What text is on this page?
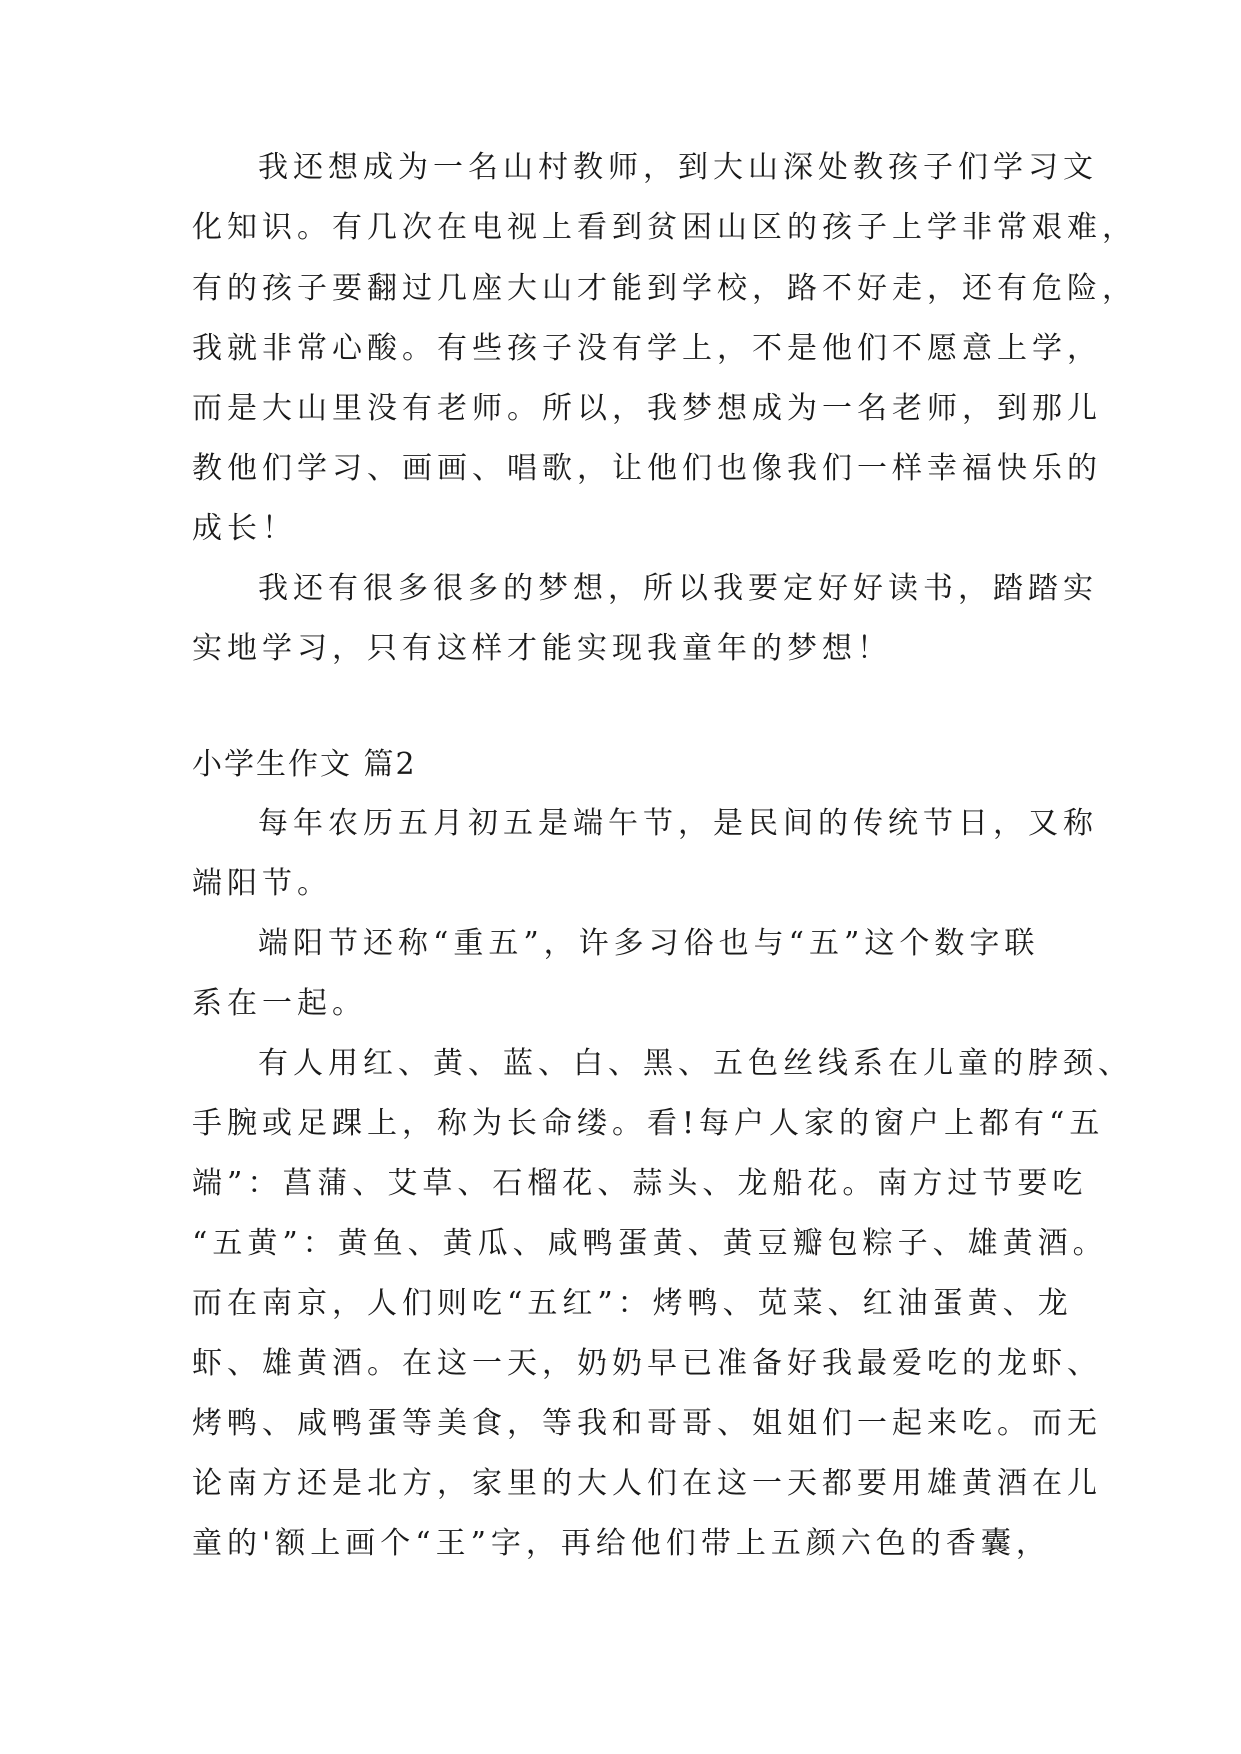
我还想成为一名山村教师，到大山深处教孩子们学习文
化知识。有几次在电视上看到贫困山区的孩子上学非常艰难，
有的孩子要翻过几座大山才能到学校，路不好走，还有危险，
我就非常心酸。有些孩子没有学上，不是他们不愿意上学，
而是大山里没有老师。所以，我梦想成为一名老师，到那儿
教他们学习、画画、唱歌，让他们也像我们一样幸福快乐的
成长！
我还有很多很多的梦想，所以我要定好好读书，踏踏实
实地学习，只有这样才能实现我童年的梦想！
小学生作文 篇2
每年农历五月初五是端午节，是民间的传统节日，又称
端阳节。
端阳节还称“重五”，许多习俗也与“五”这个数字联
系在一起。
有人用红、黄、蓝、白、黑、五色丝线系在儿童的脖颈、
手腕或足踝上，称为长命缕。看!每户人家的窗户上都有“五
端”：菖蒲、艾草、石榴花、蒜头、龙船花。南方过节要吃
“五黄”：黄鱼、黄瓜、咸鸭蛋黄、黄豆瓣包粽子、雄黄酒。
而在南京，人们则吃“五红”：烤鸭、苋菜、红油蛋黄、龙
虾、雄黄酒。在这一天，奶奶早已准备好我最爱吃的龙虾、
烤鸭、咸鸭蛋等美食，等我和哥哥、姐姐们一起来吃。而无
论南方还是北方，家里的大人们在这一天都要用雄黄酒在儿
童的'额上画个“王”字，再给他们带上五颜六色的香囊，
